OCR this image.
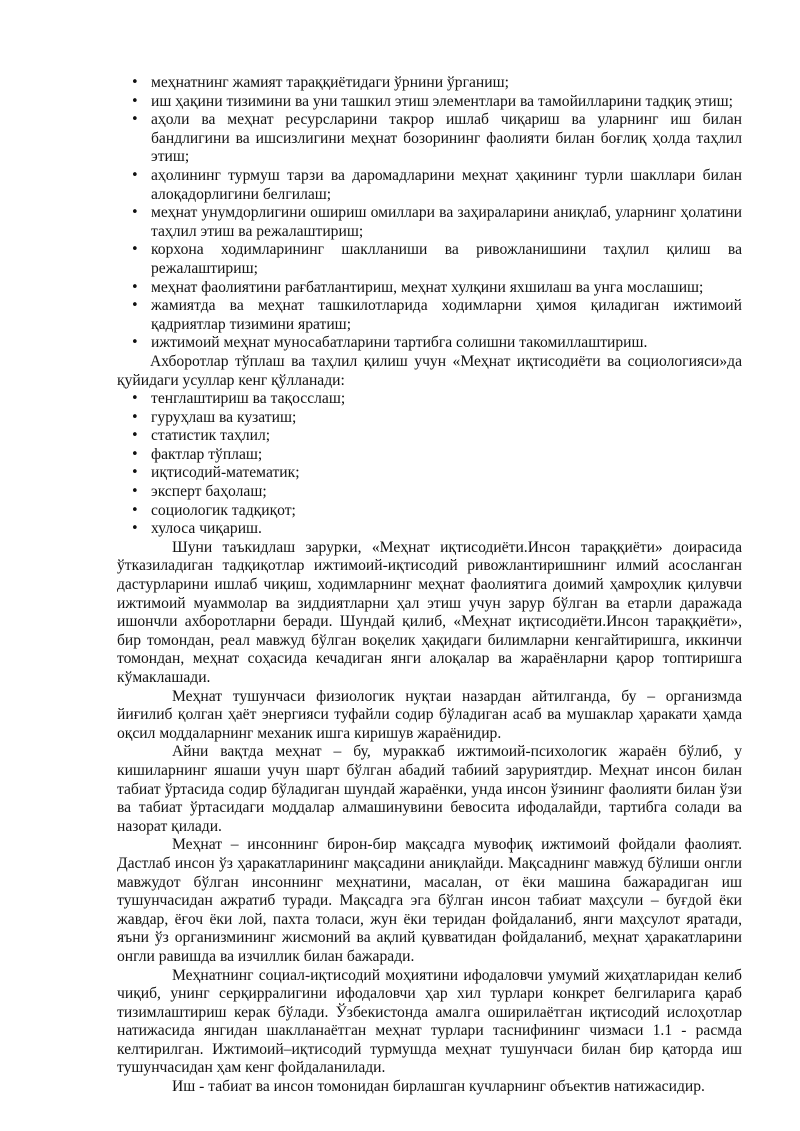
• меҳнатнинг жамият тараққиётидаги ўрнини ўрганиш;
• иш ҳақини тизимини ва уни ташкил этиш элементлари ва тамойилларини тадқиқ этиш;
• аҳоли ва меҳнат ресурсларини такрор ишлаб чиқариш ва уларнинг иш билан бандлигини ва ишсизлигини меҳнат бозорининг фаолияти билан боғлиқ ҳолда таҳлил этиш;
• аҳолининг турмуш тарзи ва даромадларини меҳнат ҳақининг турли шакллари билан алоқадорлигини белгилаш;
• меҳнат унумдорлигини ошириш омиллари ва заҳираларини аниқлаб, уларнинг ҳолатини таҳлил этиш ва режалаштириш;
• корхона ходимларининг шаклланиши ва ривожланишини таҳлил қилиш ва режалаштириш;
• меҳнат фаолиятини рағбатлантириш, меҳнат хулқини яхшилаш ва унга мослашиш;
• жамиятда ва меҳнат ташкилотларида ходимларни ҳимоя қиладиган ижтимоий қадриятлар тизимини яратиш;
• ижтимоий меҳнат муносабатларини тартибга солишни такомиллаштириш.

Ахборотлар тўплаш ва таҳлил қилиш учун «Меҳнат иқтисодиёти ва социологияси»да қуйидаги усуллар кенг қўлланади:

• тенглаштириш ва тақосслаш;
• гуруҳлаш ва кузатиш;
• статистик таҳлил;
• фактлар тўплаш;
• иқтисодий-математик;
• эксперт баҳолаш;
• социологик тадқиқот;
• хулоса чиқариш.

Шуни таъкидлаш зарурки, «Меҳнат иқтисодиёти.Инсон тараққиёти» доирасида ўтказиладиган тадқиқотлар ижтимоий-иқтисодий ривожлантиришнинг илмий асосланган дастурларини ишлаб чиқиш, ходимларнинг меҳнат фаолиятига доимий ҳамроҳлик қилувчи ижтимоий муаммолар ва зиддиятларни ҳал этиш учун зарур бўлган ва етарли даражада ишончли ахборотларни беради. Шундай қилиб, «Меҳнат иқтисодиёти.Инсон тараққиёти», бир томондан, реал мавжуд бўлган воқелик ҳақидаги билимларни кенгайтиришга, иккинчи томондан, меҳнат соҳасида кечадиган янги алоқалар ва жараёнларни қарор топтиришга кўмаклашади.

Меҳнат тушунчаси физиологик нуқтаи назардан айтилганда, бу – организмда йиғилиб қолган ҳаёт энергияси туфайли содир бўладиган асаб ва мушаклар ҳаракати ҳамда оқсил моддаларнинг механик ишга киришув жараёнидир.

Айни вақтда меҳнат – бу, мураккаб ижтимоий-психологик жараён бўлиб, у кишиларнинг яшаши учун шарт бўлган абадий табиий заруриятдир. Меҳнат инсон билан табиат ўртасида содир бўладиган шундай жараёнки, унда инсон ўзининг фаолияти билан ўзи ва табиат ўртасидаги моддалар алмашинувини бевосита ифодалайди, тартибга солади ва назорат қилади.

Меҳнат – инсоннинг бирон-бир мақсадга мувофиқ ижтимоий фойдали фаолият. Дастлаб инсон ўз ҳаракатларининг мақсадини аниқлайди. Мақсаднинг мавжуд бўлиши онгли мавжудот бўлган инсоннинг меҳнатини, масалан, от ёки машина бажарадиган иш тушунчасидан ажратиб туради. Мақсадга эга бўлган инсон табиат маҳсули – буғдой ёки жавдар, ёғоч ёки лой, пахта толаси, жун ёки теридан фойдаланиб, янги маҳсулот яратади, яъни ўз организмининг жисмоний ва ақлий қувватидан фойдаланиб, меҳнат ҳаракатларини онгли равишда ва изчиллик билан бажаради.

Меҳнатнинг социал-иқтисодий моҳиятини ифодаловчи умумий жиҳатларидан келиб чиқиб, унинг серқирралигини ифодаловчи ҳар хил турлари конкрет белгиларига қараб тизимлаштириш керак бўлади. Ўзбекистонда амалга оширилаётган иқтисодий ислоҳотлар натижасида янгидан шаклланаётган меҳнат турлари таснифининг чизмаси 1.1 - расмда келтирилган. Ижтимоий–иқтисодий турмушда меҳнат тушунчаси билан бир қаторда иш тушунчасидан ҳам кенг фойдаланилади.

Иш - табиат ва инсон томонидан бирлашган кучларнинг объектив натижасидир.
